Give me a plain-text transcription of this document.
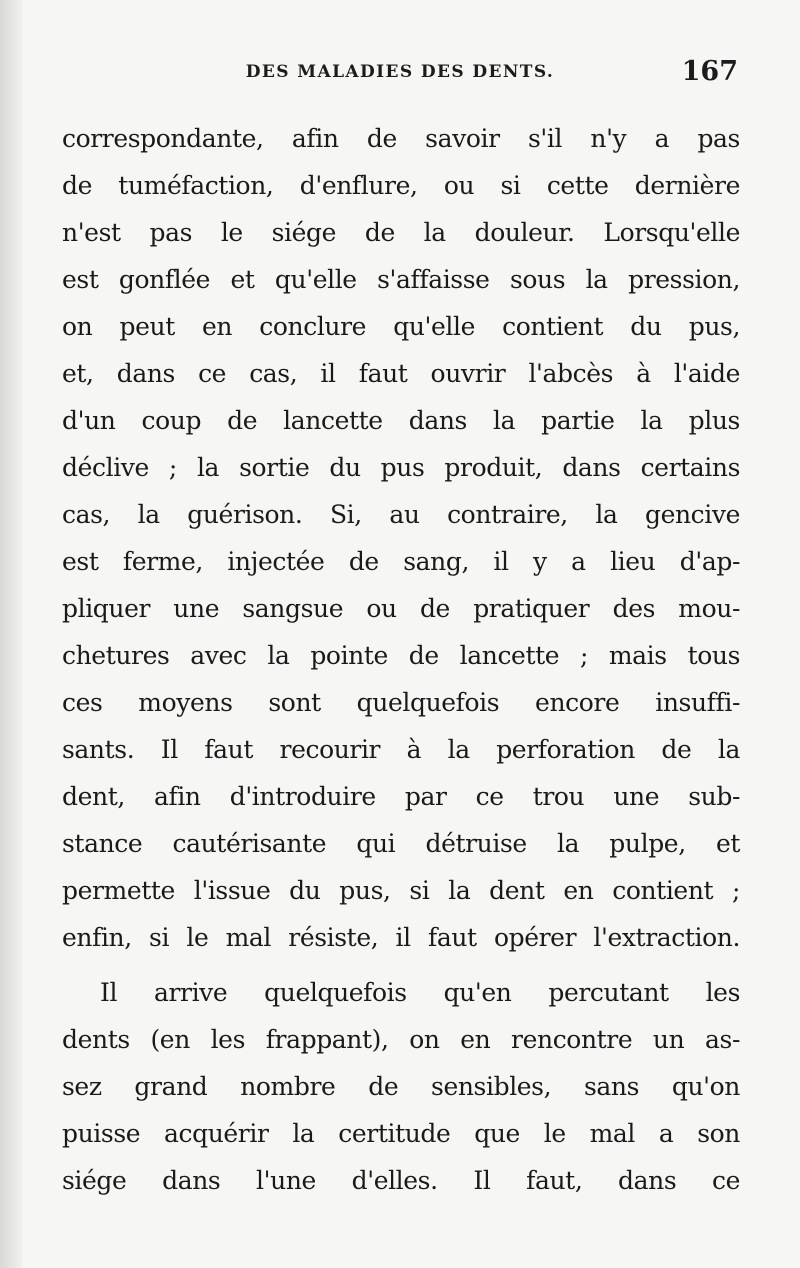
DES MALADIES DES DENTS.	167
correspondante, afin de savoir s'il n'y a pas
de tuméfaction, d'enflure, ou si cette dernière
n'est pas le siége de la douleur. Lorsqu'elle
est gonflée et qu'elle s'affaisse sous la pression,
on peut en conclure qu'elle contient du pus,
et, dans ce cas, il faut ouvrir l'abcès à l'aide
d'un coup de lancette dans la partie la plus
déclive ; la sortie du pus produit, dans certains
cas, la guérison. Si, au contraire, la gencive
est ferme, injectée de sang, il y a lieu d'ap-
pliquer une sangsue ou de pratiquer des mou-
chetures avec la pointe de lancette ; mais tous
ces moyens sont quelquefois encore insuffi-
sants. Il faut recourir à la perforation de la
dent, afin d'introduire par ce trou une sub-
stance cautérisante qui détruise la pulpe, et
permette l'issue du pus, si la dent en contient ;
enfin, si le mal résiste, il faut opérer l'extraction.
Il arrive quelquefois qu'en percutant les
dents (en les frappant), on en rencontre un as-
sez grand nombre de sensibles, sans qu'on
puisse acquérir la certitude que le mal a son
siége dans l'une d'elles. Il faut, dans ce
